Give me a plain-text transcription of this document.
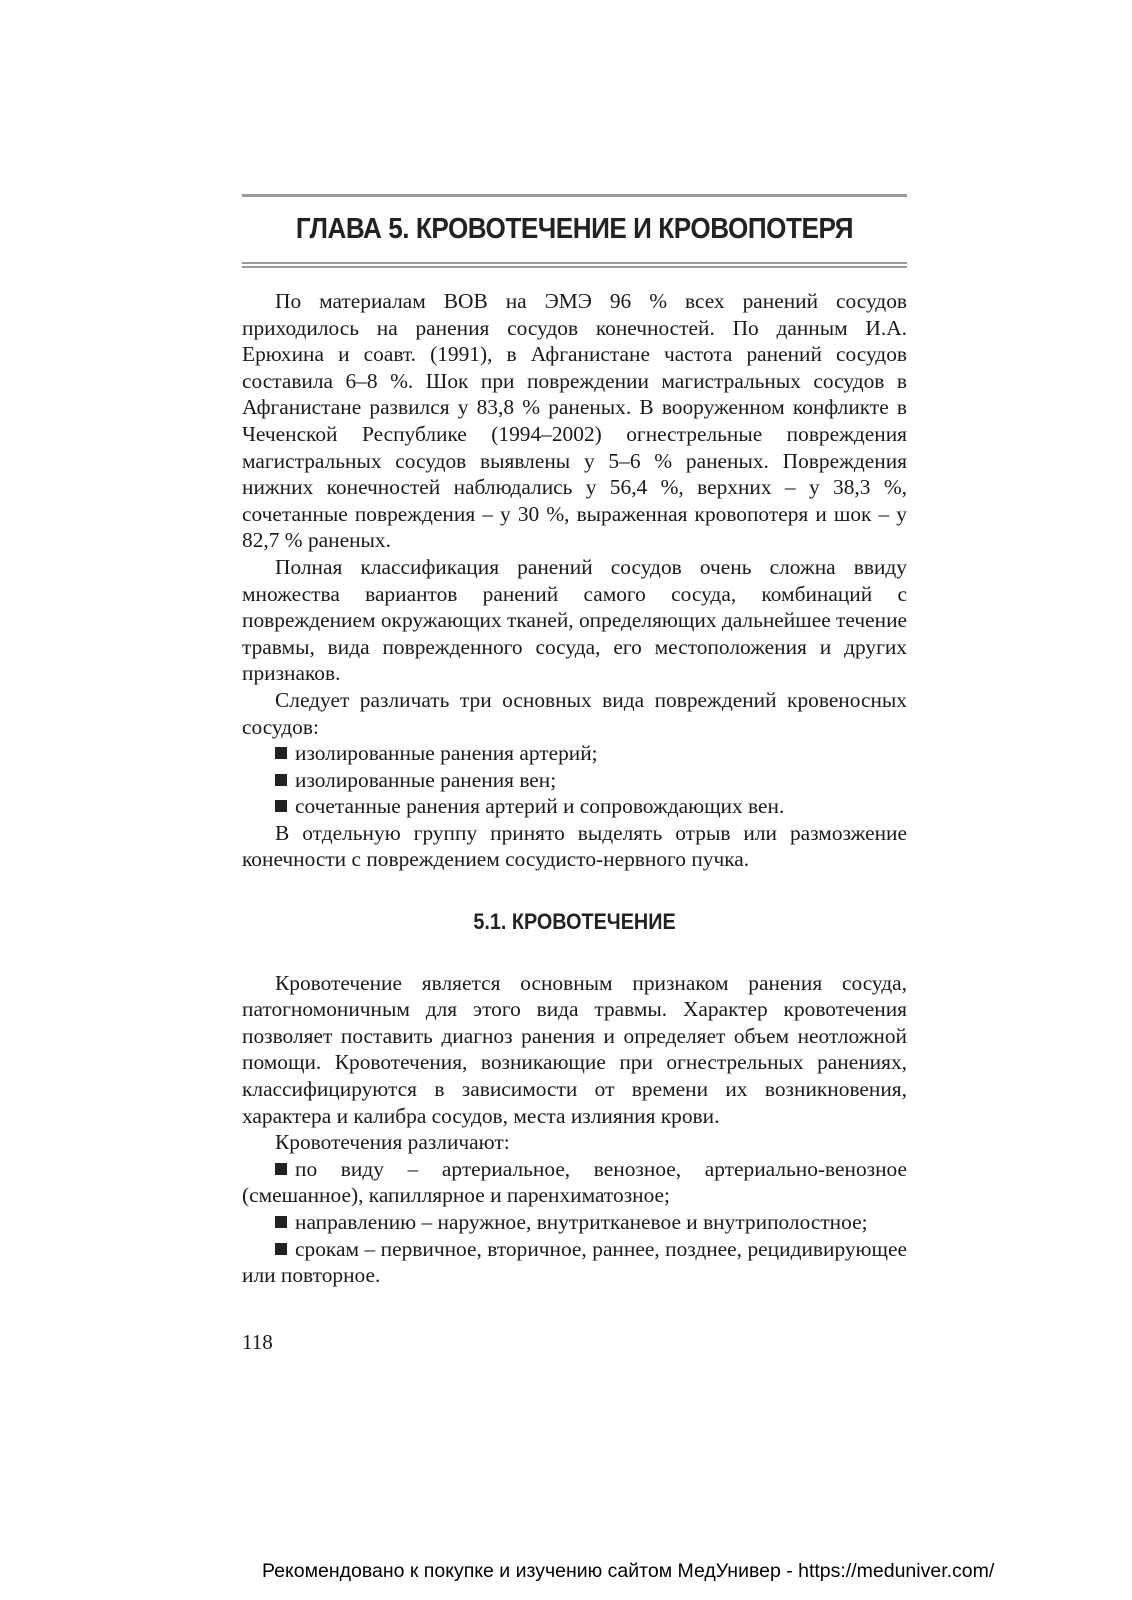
ГЛАВА 5. КРОВОТЕЧЕНИЕ И КРОВОПОТЕРЯ

По материалам ВОВ на ЭМЭ 96 % всех ранений сосудов приходилось на ранения сосудов конечностей. По данным И.А. Ерюхина и соавт. (1991), в Афганистане частота ранений сосудов составила 6–8 %. Шок при повреждении магистральных сосудов в Афганистане развился у 83,8 % раненых. В вооруженном конфликте в Чеченской Республике (1994–2002) огнестрельные повреждения магистральных сосудов выявлены у 5–6 % раненых. Повреждения нижних конечностей наблюдались у 56,4 %, верхних – у 38,3 %, сочетанные повреждения – у 30 %, выраженная кровопотеря и шок – у 82,7 % раненых.

Полная классификация ранений сосудов очень сложна ввиду множества вариантов ранений самого сосуда, комбинаций с повреждением окружающих тканей, определяющих дальнейшее течение травмы, вида поврежденного сосуда, его местоположения и других признаков.

Следует различать три основных вида повреждений кровеносных сосудов:

изолированные ранения артерий;

изолированные ранения вен;

сочетанные ранения артерий и сопровождающих вен.

В отдельную группу принято выделять отрыв или размозжение конечности с повреждением сосудисто-нервного пучка.

5.1. КРОВОТЕЧЕНИЕ

Кровотечение является основным признаком ранения сосуда, патогномоничным для этого вида травмы. Характер кровотечения позволяет поставить диагноз ранения и определяет объем неотложной помощи. Кровотечения, возникающие при огнестрельных ранениях, классифицируются в зависимости от времени их возникновения, характера и калибра сосудов, места излияния крови.

Кровотечения различают:

по виду – артериальное, венозное, артериально-венозное (смешанное), капиллярное и паренхиматозное;

направлению – наружное, внутритканевое и внутриполостное;

срокам – первичное, вторичное, раннее, позднее, рецидивирующее или повторное.

118
Рекомендовано к покупке и изучению сайтом МедУнивер - https://meduniver.com/
